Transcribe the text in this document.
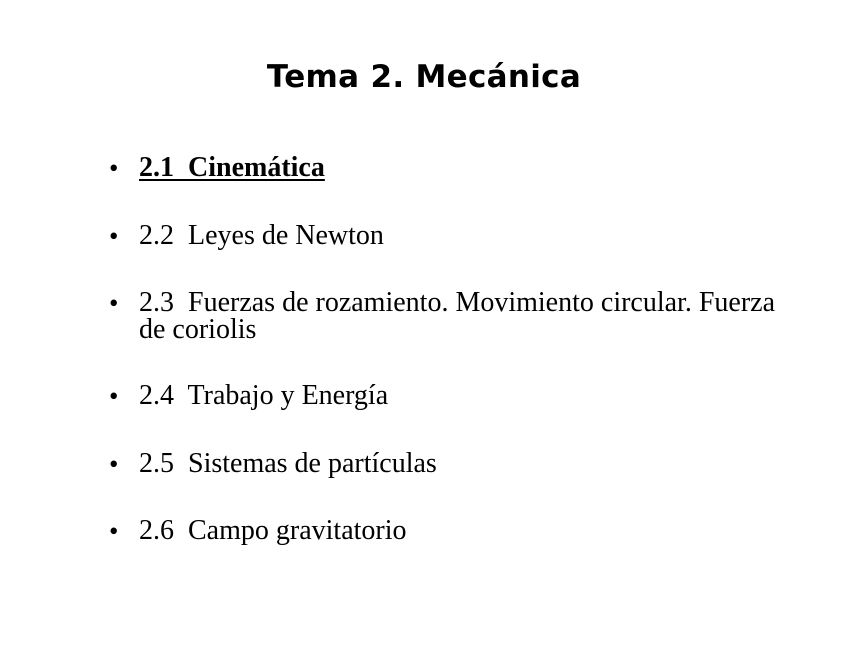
Tema 2. Mecánica
• 2.1 Cinemática
• 2.2 Leyes de Newton
• 2.3 Fuerzas de rozamiento. Movimiento circular. Fuerza de coriolis
• 2.4 Trabajo y Energía
• 2.5 Sistemas de partículas
• 2.6 Campo gravitatorio
